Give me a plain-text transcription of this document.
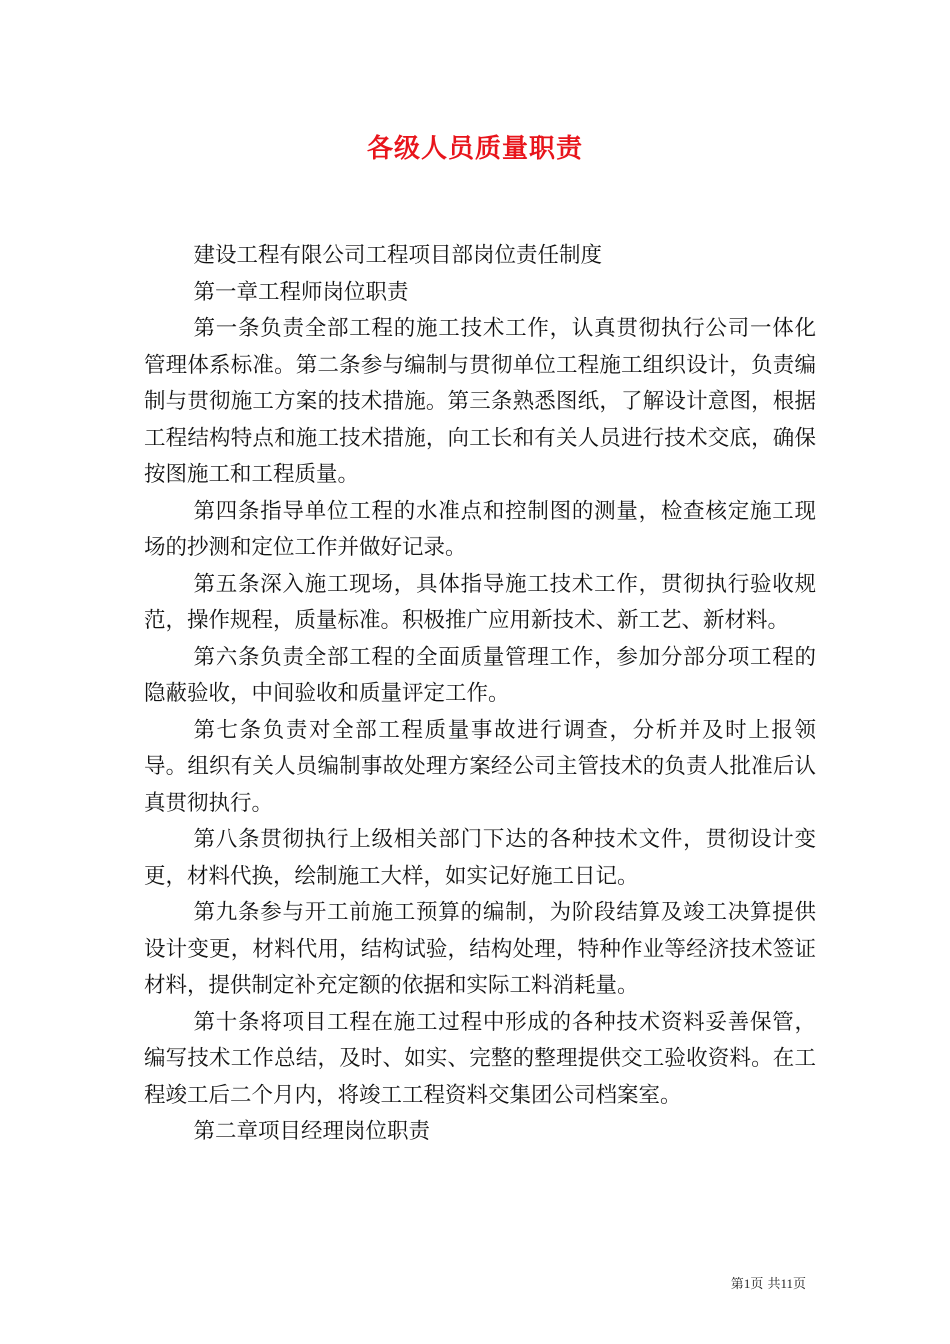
各级人员质量职责

建设工程有限公司工程项目部岗位责任制度

第一章工程师岗位职责

第一条负责全部工程的施工技术工作，认真贯彻执行公司一体化管理体系标准。第二条参与编制与贯彻单位工程施工组织设计，负责编制与贯彻施工方案的技术措施。第三条熟悉图纸，了解设计意图，根据工程结构特点和施工技术措施，向工长和有关人员进行技术交底，确保按图施工和工程质量。

第四条指导单位工程的水准点和控制图的测量，检查核定施工现场的抄测和定位工作并做好记录。

第五条深入施工现场，具体指导施工技术工作，贯彻执行验收规范，操作规程，质量标准。积极推广应用新技术、新工艺、新材料。

第六条负责全部工程的全面质量管理工作，参加分部分项工程的隐蔽验收，中间验收和质量评定工作。

第七条负责对全部工程质量事故进行调查，分析并及时上报领导。组织有关人员编制事故处理方案经公司主管技术的负责人批准后认真贯彻执行。

第八条贯彻执行上级相关部门下达的各种技术文件，贯彻设计变更，材料代换，绘制施工大样，如实记好施工日记。

第九条参与开工前施工预算的编制，为阶段结算及竣工决算提供设计变更，材料代用，结构试验，结构处理，特种作业等经济技术签证材料，提供制定补充定额的依据和实际工料消耗量。

第十条将项目工程在施工过程中形成的各种技术资料妥善保管，编写技术工作总结，及时、如实、完整的整理提供交工验收资料。在工程竣工后二个月内，将竣工工程资料交集团公司档案室。

第二章项目经理岗位职责

第1页 共11页
